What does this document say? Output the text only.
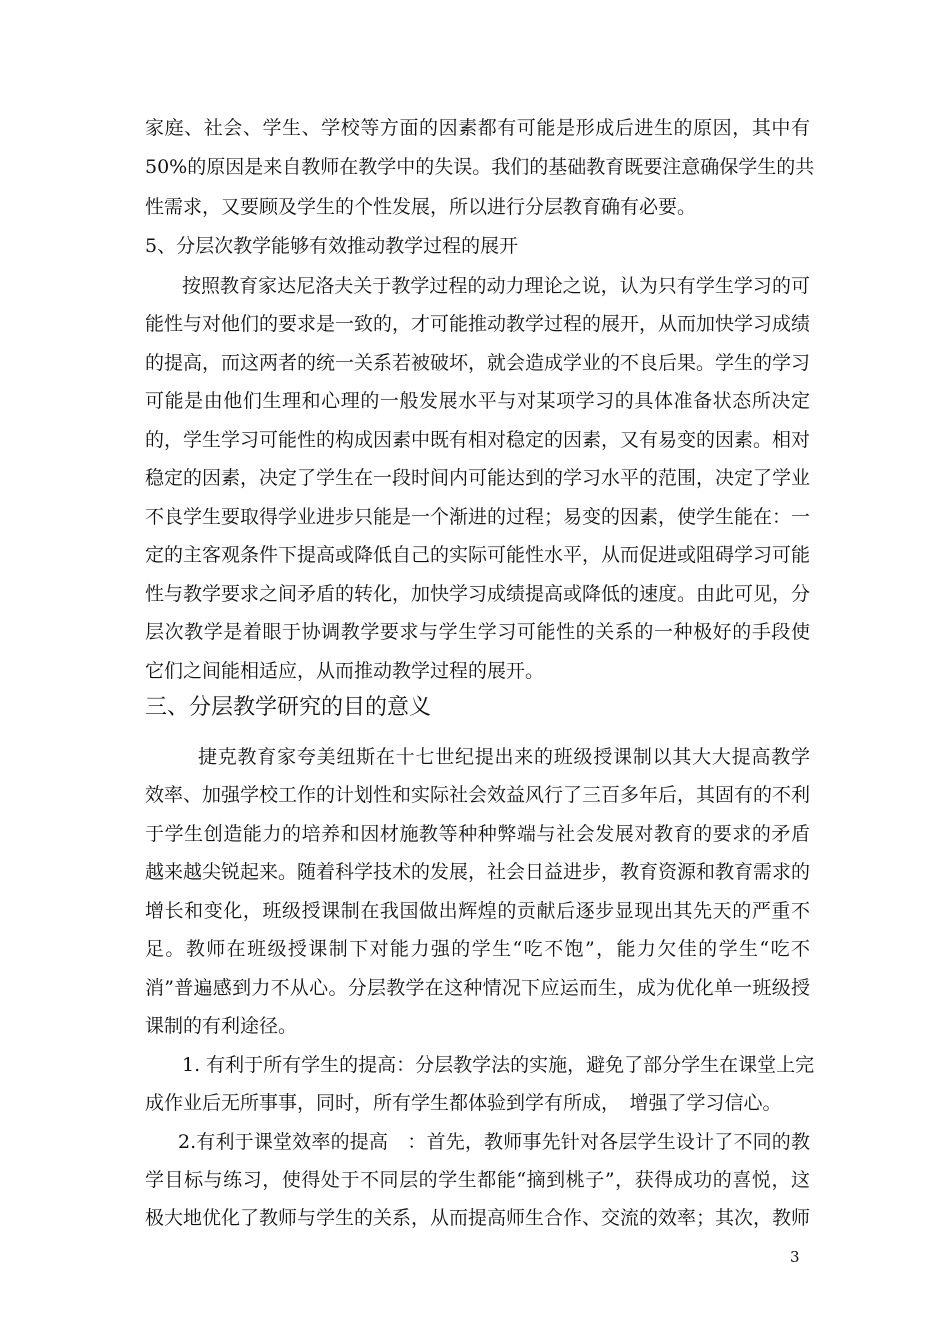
家庭、社会、学生、学校等方面的因素都有可能是形成后进生的原因，其中有
50%的原因是来自教师在教学中的失误。我们的基础教育既要注意确保学生的共
性需求，又要顾及学生的个性发展，所以进行分层教育确有必要。
5、分层次教学能够有效推动教学过程的展开
按照教育家达尼洛夫关于教学过程的动力理论之说，认为只有学生学习的可
能性与对他们的要求是一致的，才可能推动教学过程的展开，从而加快学习成绩
的提高，而这两者的统一关系若被破坏，就会造成学业的不良后果。学生的学习
可能是由他们生理和心理的一般发展水平与对某项学习的具体准备状态所决定
的，学生学习可能性的构成因素中既有相对稳定的因素，又有易变的因素。相对
稳定的因素，决定了学生在一段时间内可能达到的学习水平的范围，决定了学业
不良学生要取得学业进步只能是一个渐进的过程；易变的因素，使学生能在：一
定的主客观条件下提高或降低自己的实际可能性水平，从而促进或阻碍学习可能
性与教学要求之间矛盾的转化，加快学习成绩提高或降低的速度。由此可见，分
层次教学是着眼于协调教学要求与学生学习可能性的关系的一种极好的手段使
它们之间能相适应，从而推动教学过程的展开。
三、分层教学研究的目的意义
捷克教育家夸美纽斯在十七世纪提出来的班级授课制以其大大提高教学
效率、加强学校工作的计划性和实际社会效益风行了三百多年后，其固有的不利
于学生创造能力的培养和因材施教等种种弊端与社会发展对教育的要求的矛盾
越来越尖锐起来。随着科学技术的发展，社会日益进步，教育资源和教育需求的
增长和变化，班级授课制在我国做出辉煌的贡献后逐步显现出其先天的严重不
足。教师在班级授课制下对能力强的学生“吃不饱”，能力欠佳的学生“吃不
消”普遍感到力不从心。分层教学在这种情况下应运而生，成为优化单一班级授
课制的有利途径。
1. 有利于所有学生的提高：分层教学法的实施，避免了部分学生在课堂上完
成作业后无所事事，同时，所有学生都体验到学有所成，　增强了学习信心。
2.有利于课堂效率的提高　：首先，教师事先针对各层学生设计了不同的教
学目标与练习，使得处于不同层的学生都能“摘到桃子”，获得成功的喜悦，这
极大地优化了教师与学生的关系，从而提高师生合作、交流的效率；其次，教师
3
